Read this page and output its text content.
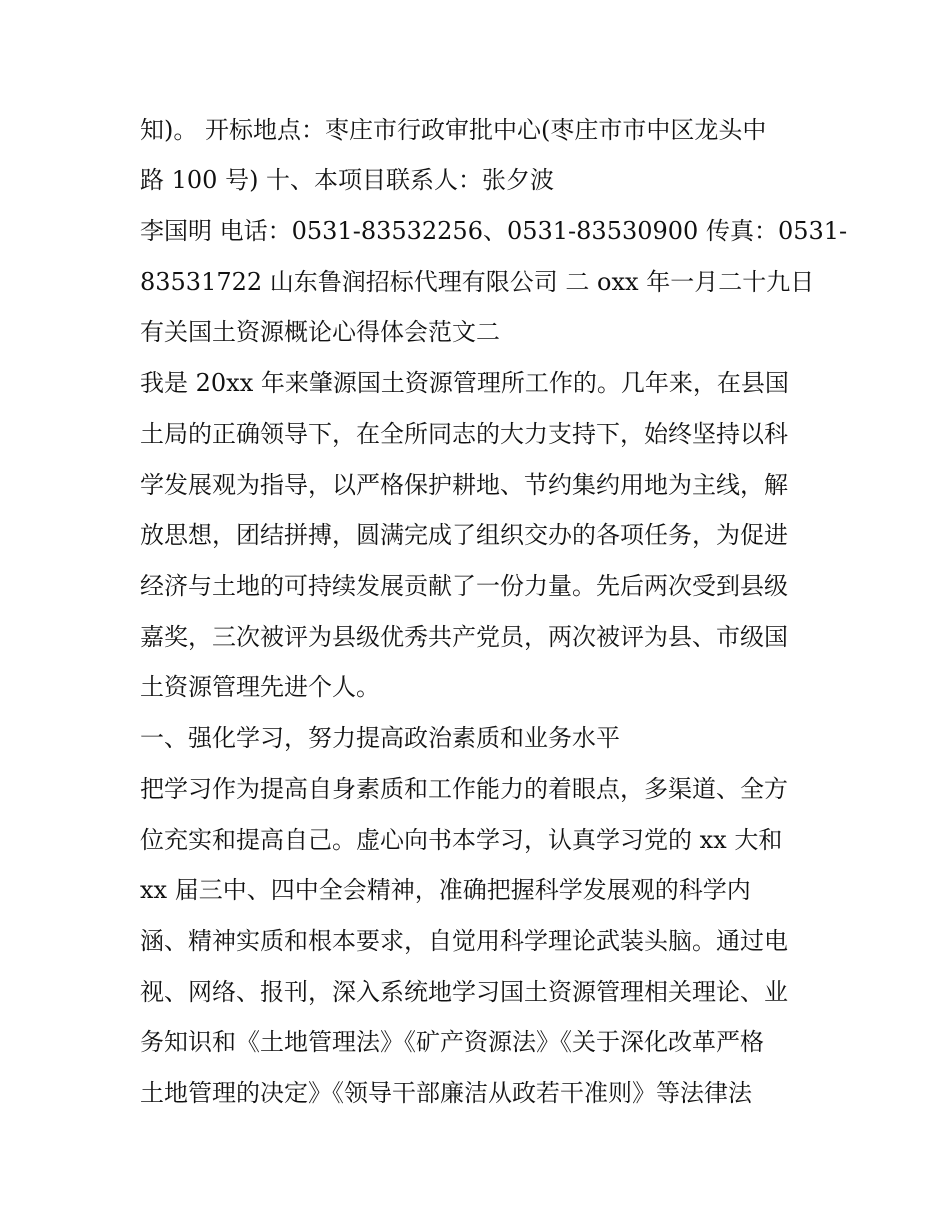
知)。 开标地点：枣庄市行政审批中心(枣庄市市中区龙头中
路 100 号) 十、本项目联系人：张夕波
李国明 电话：0531-83532256、0531-83530900 传真：0531-
83531722 山东鲁润招标代理有限公司 二 oxx 年一月二十九日
有关国土资源概论心得体会范文二
我是 20xx 年来肇源国土资源管理所工作的。几年来，在县国
土局的正确领导下，在全所同志的大力支持下，始终坚持以科
学发展观为指导，以严格保护耕地、节约集约用地为主线，解
放思想，团结拼搏，圆满完成了组织交办的各项任务，为促进
经济与土地的可持续发展贡献了一份力量。先后两次受到县级
嘉奖，三次被评为县级优秀共产党员，两次被评为县、市级国
土资源管理先进个人。
一、强化学习，努力提高政治素质和业务水平
把学习作为提高自身素质和工作能力的着眼点，多渠道、全方
位充实和提高自己。虚心向书本学习，认真学习党的 xx 大和
xx 届三中、四中全会精神，准确把握科学发展观的科学内
涵、精神实质和根本要求，自觉用科学理论武装头脑。通过电
视、网络、报刊，深入系统地学习国土资源管理相关理论、业
务知识和《土地管理法》《矿产资源法》《关于深化改革严格
土地管理的决定》《领导干部廉洁从政若干准则》等法律法
